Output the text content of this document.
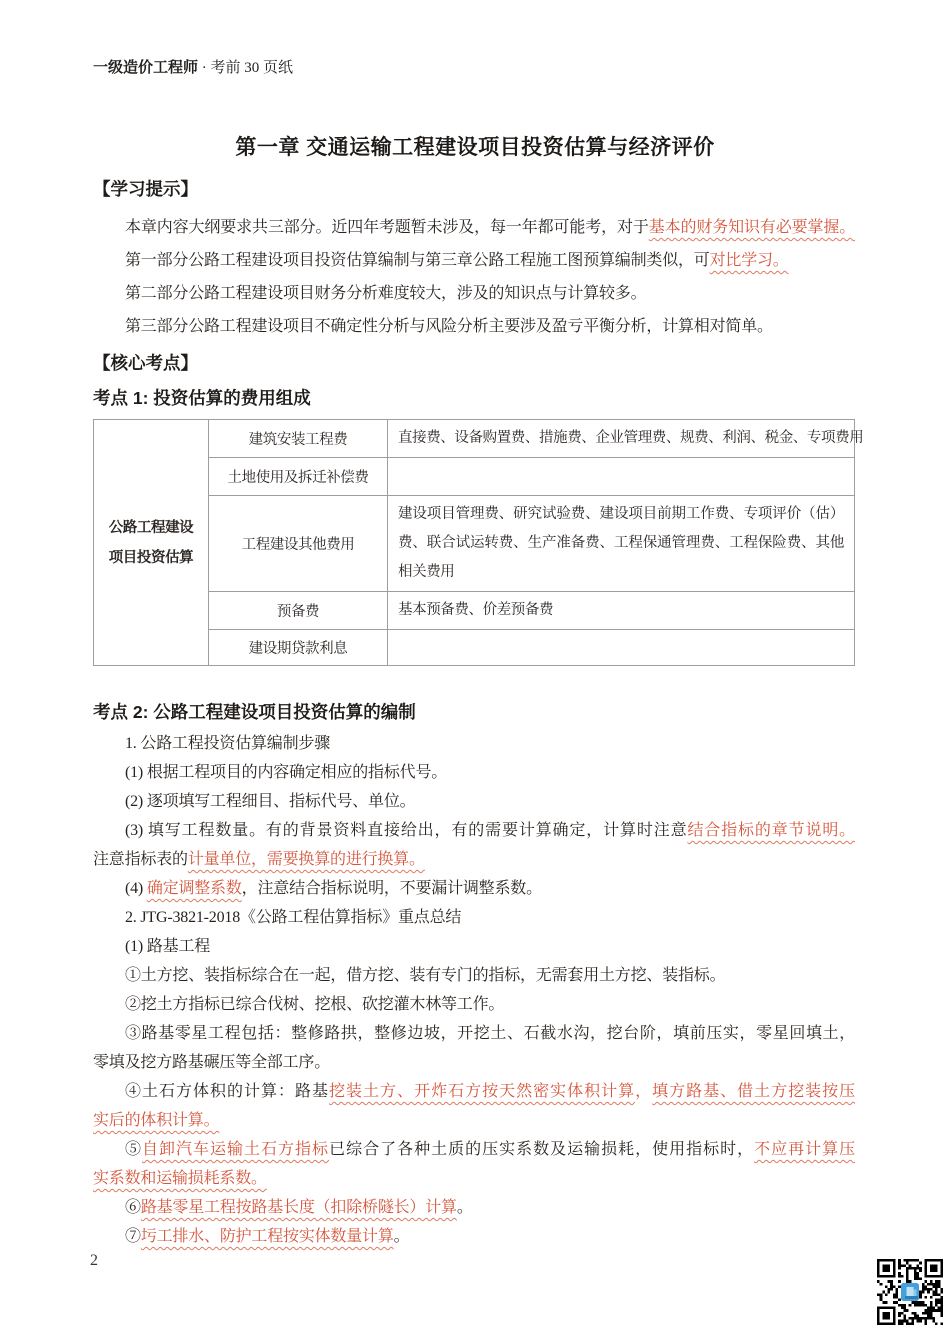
一级造价工程师 · 考前 30 页纸
第一章 交通运输工程建设项目投资估算与经济评价
【学习提示】
本章内容大纲要求共三部分。近四年考题暂未涉及，每一年都可能考，对于基本的财务知识有必要掌握。
第一部分公路工程建设项目投资估算编制与第三章公路工程施工图预算编制类似，可对比学习。
第二部分公路工程建设项目财务分析难度较大，涉及的知识点与计算较多。
第三部分公路工程建设项目不确定性分析与风险分析主要涉及盈亏平衡分析，计算相对简单。
【核心考点】
考点 1: 投资估算的费用组成
公路工程建设项目投资估算	建筑安装工程费	直接费、设备购置费、措施费、企业管理费、规费、利润、税金、专项费用
	土地使用及拆迁补偿费	
	工程建设其他费用	建设项目管理费、研究试验费、建设项目前期工作费、专项评价（估）费、联合试运转费、生产准备费、工程保通管理费、工程保险费、其他相关费用
	预备费	基本预备费、价差预备费
	建设期贷款利息	
考点 2: 公路工程建设项目投资估算的编制
1. 公路工程投资估算编制步骤
(1) 根据工程项目的内容确定相应的指标代号。
(2) 逐项填写工程细目、指标代号、单位。
(3) 填写工程数量。有的背景资料直接给出，有的需要计算确定，计算时注意结合指标的章节说明。
注意指标表的计量单位，需要换算的进行换算。
(4) 确定调整系数，注意结合指标说明，不要漏计调整系数。
2. JTG-3821-2018《公路工程估算指标》重点总结
(1) 路基工程
①土方挖、装指标综合在一起，借方挖、装有专门的指标，无需套用土方挖、装指标。
②挖土方指标已综合伐树、挖根、砍挖灌木林等工作。
③路基零星工程包括：整修路拱，整修边坡，开挖土、石截水沟，挖台阶，填前压实，零星回填土，
零填及挖方路基碾压等全部工序。
④土石方体积的计算：路基挖装土方、开炸石方按天然密实体积计算，填方路基、借土方挖装按压
实后的体积计算。
⑤自卸汽车运输土石方指标已综合了各种土质的压实系数及运输损耗，使用指标时，不应再计算压
实系数和运输损耗系数。
⑥路基零星工程按路基长度（扣除桥隧长）计算。
⑦圬工排水、防护工程按实体数量计算。
2
